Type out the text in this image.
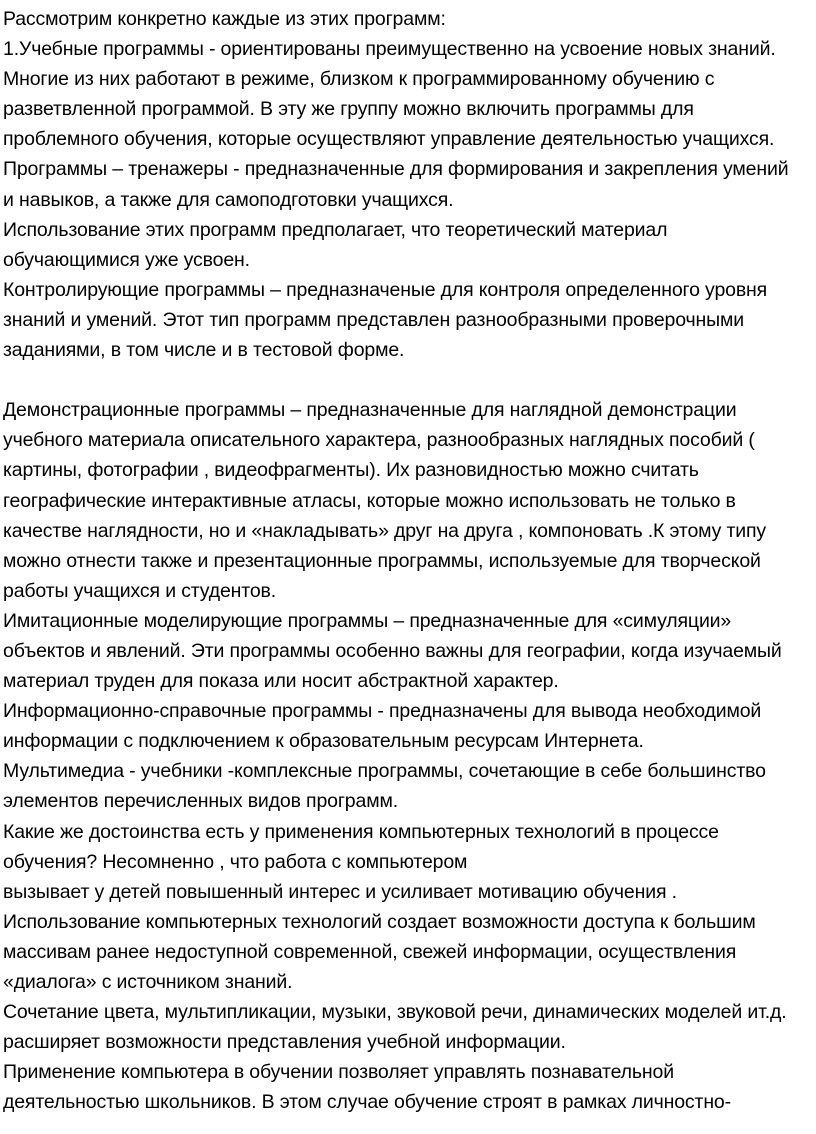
Рассмотрим конкретно каждые из этих программ:
1.Учебные программы - ориентированы преимущественно на усвоение новых знаний.
Многие из них работают в режиме, близком к программированному обучению с
разветвленной программой. В эту же группу можно включить программы для
проблемного обучения, которые осуществляют управление деятельностью учащихся.
Программы – тренажеры - предназначенные для формирования и закрепления умений
и навыков, а также для самоподготовки учащихся.
Использование этих программ предполагает, что теоретический материал
обучающимися уже усвоен.
Контролирующие программы – предназначеные для контроля определенного уровня
знаний и умений. Этот тип программ представлен разнообразными проверочными
заданиями, в том числе и в тестовой форме.
Демонстрационные программы – предназначенные для наглядной демонстрации
учебного материала описательного характера, разнообразных наглядных пособий (
картины, фотографии , видеофрагменты). Их разновидностью можно считать
географические интерактивные атласы, которые можно использовать не только в
качестве наглядности, но и «накладывать» друг на друга , компоновать .К этому типу
можно отнести также и презентационные программы, используемые для творческой
работы учащихся и студентов.
Имитационные моделирующие программы – предназначенные для «симуляции»
объектов и явлений. Эти программы особенно важны для географии, когда изучаемый
материал труден для показа или носит абстрактной характер.
Информационно-справочные программы - предназначены для вывода необходимой
информации с подключением к образовательным ресурсам Интернета.
Мультимедиа - учебники -комплексные программы, сочетающие в себе большинство
элементов перечисленных видов программ.
Какие же достоинства есть у применения компьютерных технологий в процессе
обучения? Несомненно , что работа с компьютером
вызывает у детей повышенный интерес и усиливает мотивацию обучения .
Использование компьютерных технологий создает возможности доступа к большим
массивам ранее недоступной современной, свежей информации, осуществления
«диалога» с источником знаний.
Сочетание цвета, мультипликации, музыки, звуковой речи, динамических моделей ит.д.
расширяет возможности представления учебной информации.
Применение компьютера в обучении позволяет управлять познавательной
деятельностью школьников. В этом случае обучение строят в рамках личностно-
